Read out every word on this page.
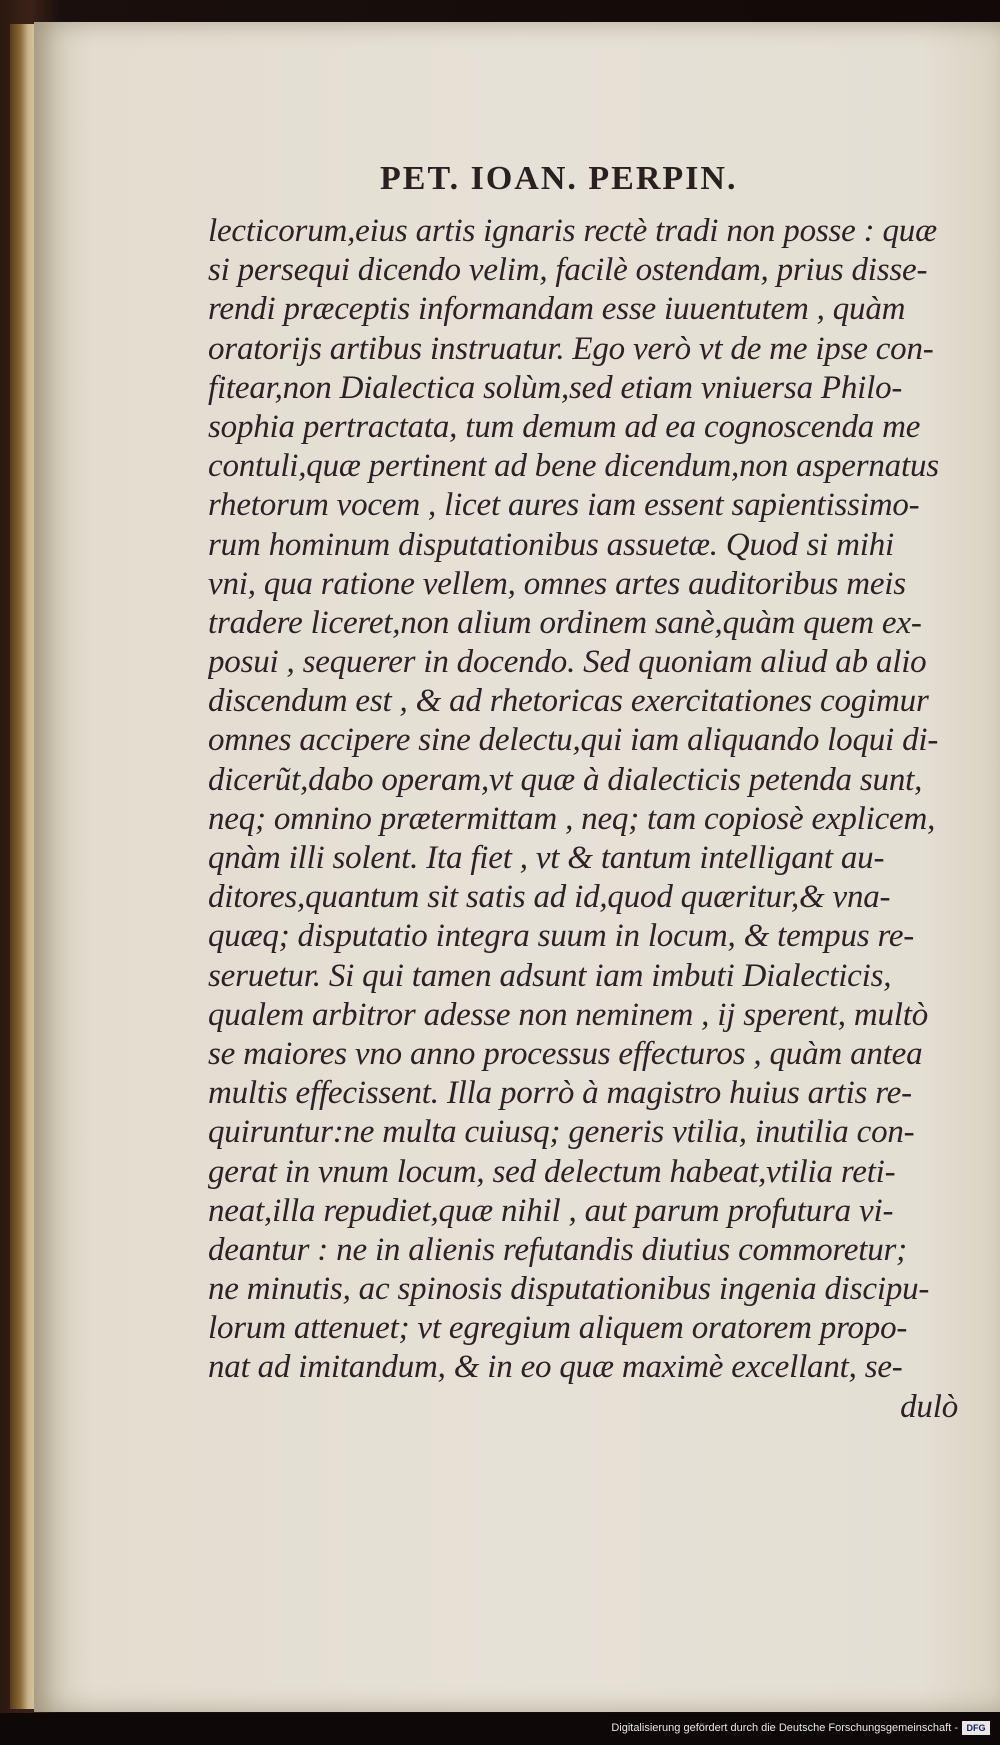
PET. IOAN. PERPIN.
lecticorum,eius artis ignaris rectè tradi non posse : quæ
si persequi dicendo velim, facilè ostendam, prius disse-
rendi præceptis informandam esse iuuentutem , quàm
oratorijs artibus instruatur. Ego verò vt de me ipse con-
fitear,non Dialectica solùm,sed etiam vniuersa Philo-
sophia pertractata, tum demum ad ea cognoscenda me
contuli,quæ pertinent ad bene dicendum,non aspernatus
rhetorum vocem , licet aures iam essent sapientissimo-
rum hominum disputationibus assuetæ. Quod si mihi
vni, qua ratione vellem, omnes artes auditoribus meis
tradere liceret,non alium ordinem sanè,quàm quem ex-
posui , sequerer in docendo. Sed quoniam aliud ab alio
discendum est , & ad rhetoricas exercitationes cogimur
omnes accipere sine delectu,qui iam aliquando loqui di-
dicerũt,dabo operam,vt quæ à dialecticis petenda sunt,
neq; omnino prætermittam , neq; tam copiosè explicem,
qnàm illi solent. Ita fiet , vt & tantum intelligant au-
ditores,quantum sit satis ad id,quod quæritur,& vna-
quæq; disputatio integra suum in locum, & tempus re-
seruetur. Si qui tamen adsunt iam imbuti Dialecticis,
qualem arbitror adesse non neminem , ij sperent, multò
se maiores vno anno processus effecturos , quàm antea
multis effecissent. Illa porrò à magistro huius artis re-
quiruntur:ne multa cuiusq; generis vtilia, inutilia con-
gerat in vnum locum, sed delectum habeat,vtilia reti-
neat,illa repudiet,quæ nihil , aut parum profutura vi-
deantur : ne in alienis refutandis diutius commoretur;
ne minutis, ac spinosis disputationibus ingenia discipu-
lorum attenuet; vt egregium aliquem oratorem propo-
nat ad imitandum, & in eo quæ maximè excellant, se-
dulò
Digitalisierung gefördert durch die Deutsche Forschungsgemeinschaft - DFG
